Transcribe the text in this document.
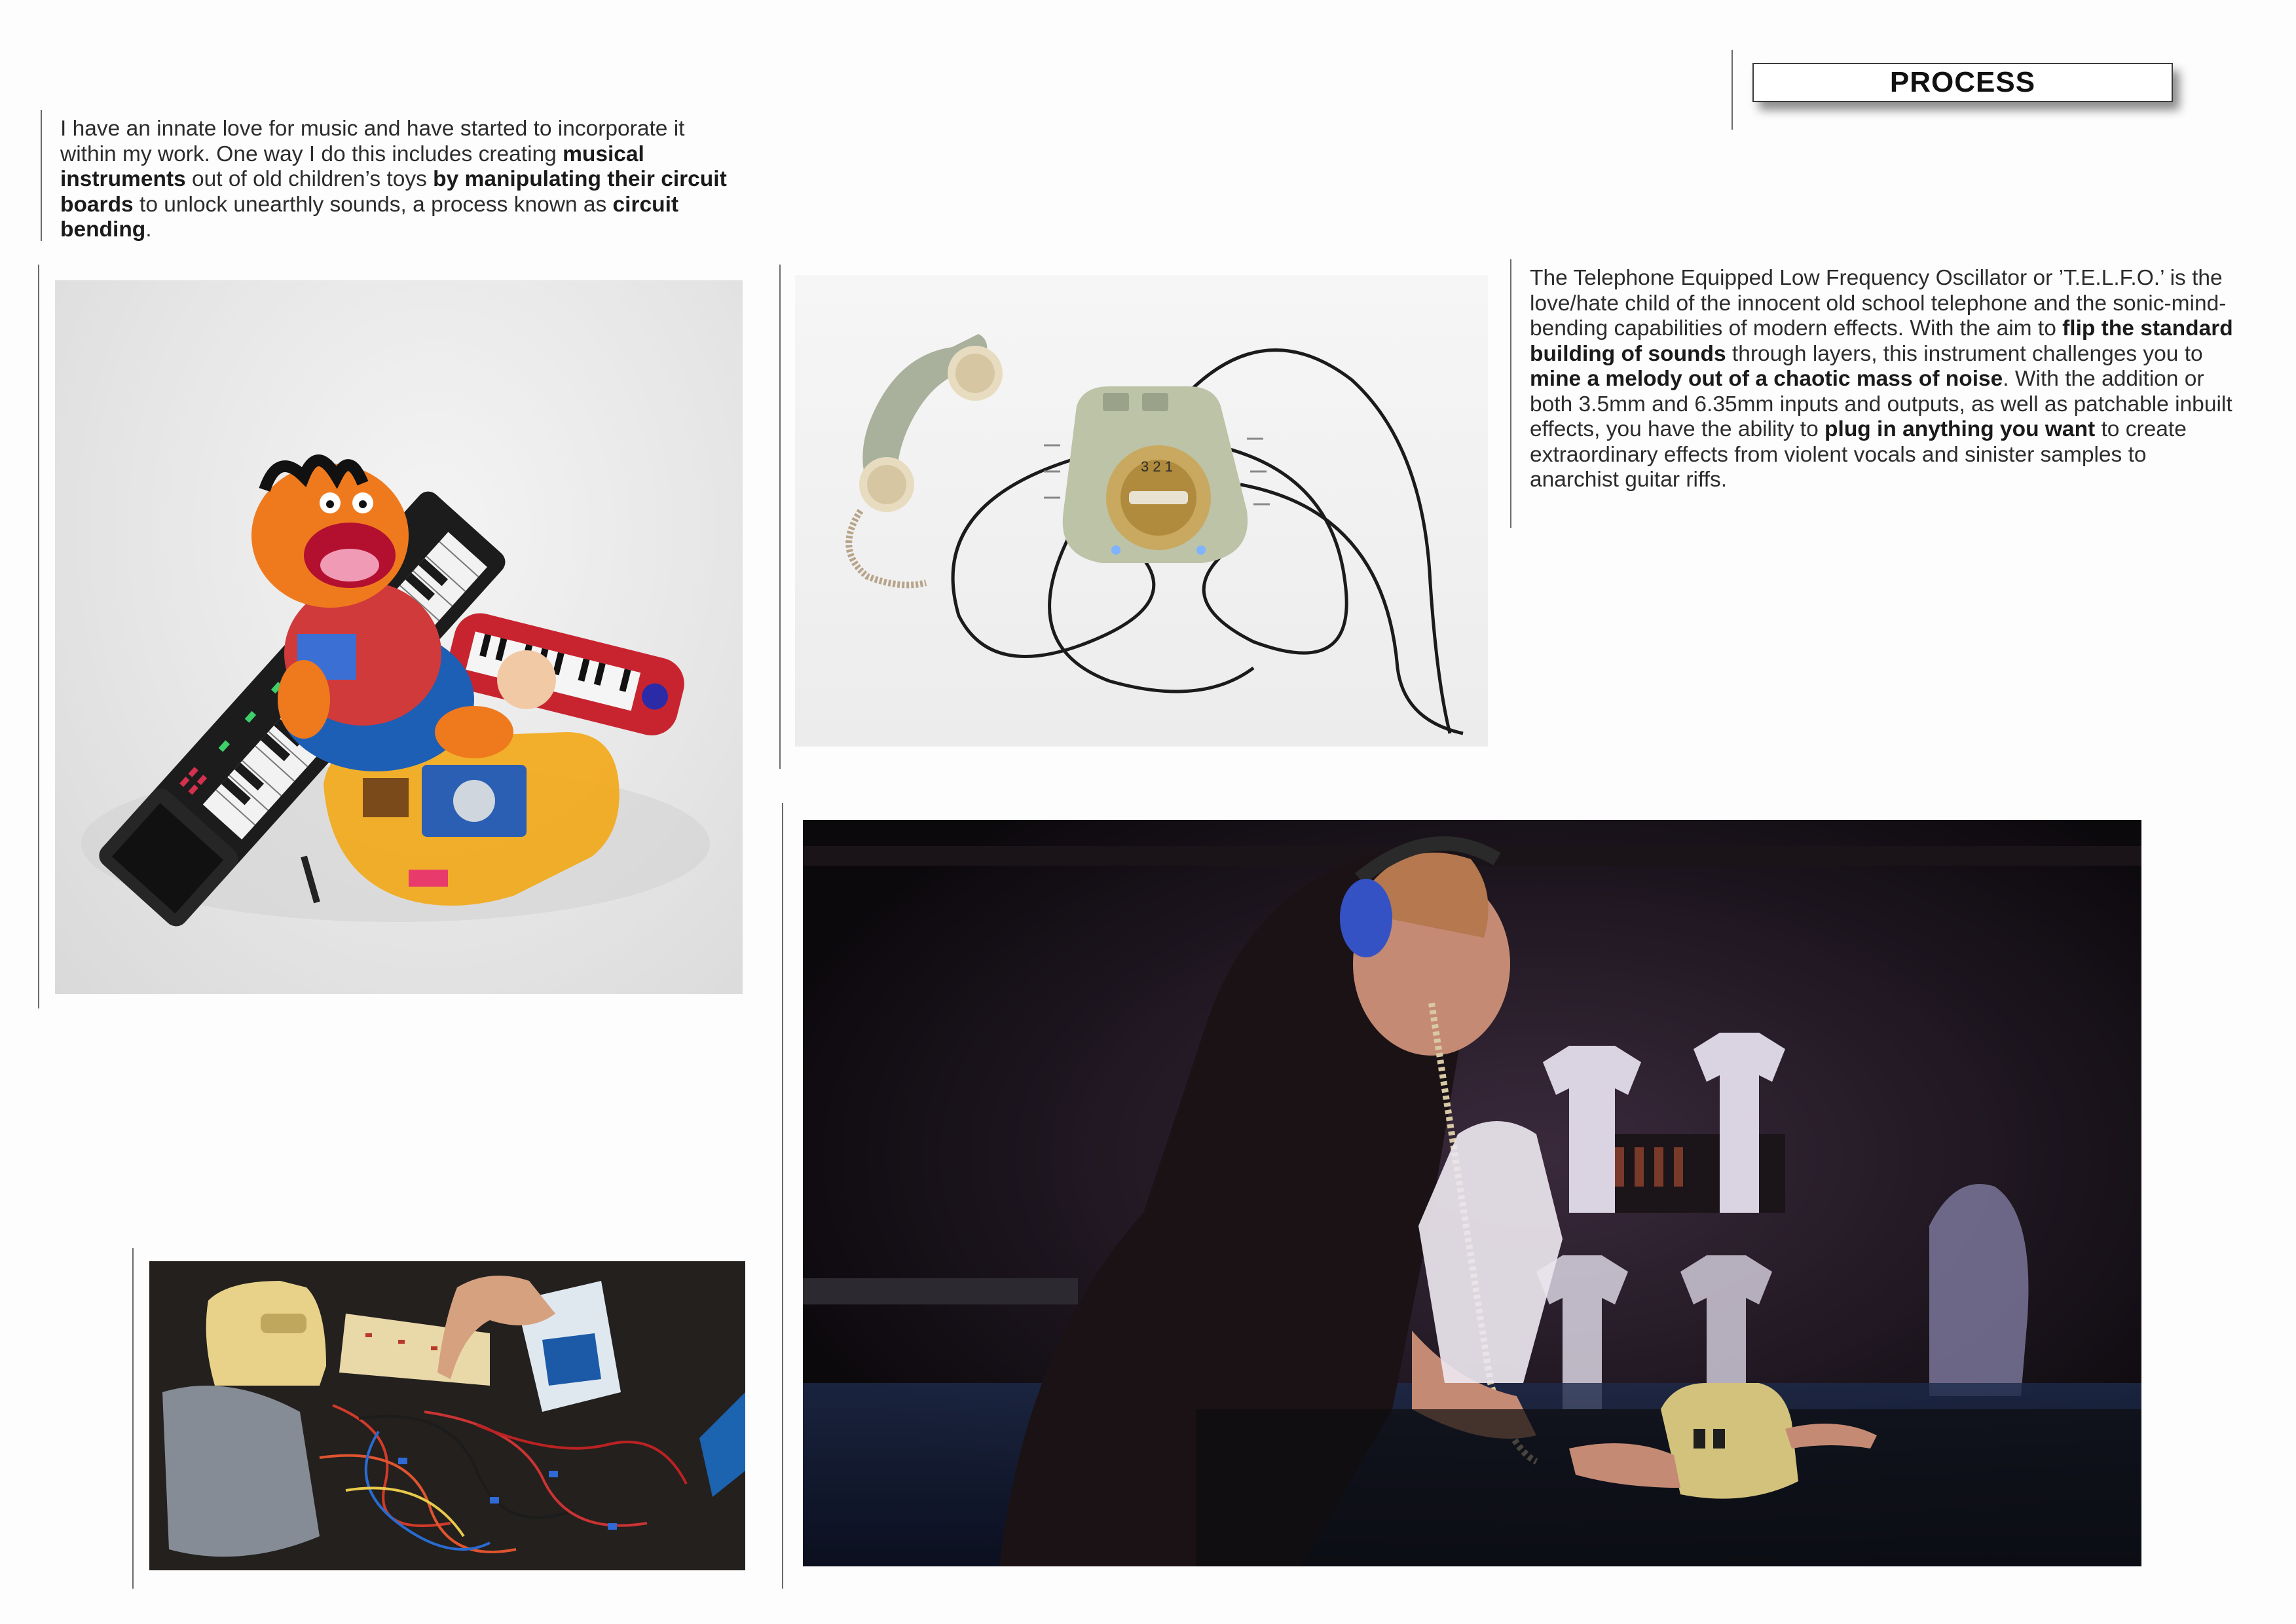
PROCESS
I have an innate love for music and have started to incorporate it within my work. One way I do this includes creating musical instruments out of old children’s toys by manipulating their circuit boards to unlock unearthly sounds, a process known as circuit bending.
The Telephone Equipped Low Frequency Oscillator or ’T.E.L.F.O.’ is the love/hate child of the innocent old school telephone and the sonic-mind-bending capabilities of modern effects. With the aim to flip the standard building of sounds through layers, this instrument challenges you to mine a melody out of a chaotic mass of noise. With the addition or both 3.5mm and 6.35mm inputs and outputs, as well as patchable inbuilt effects, you have the ability to plug in anything you want to create extraordinary effects from violent vocals and sinister samples to anarchist guitar riffs.
3 2 1
